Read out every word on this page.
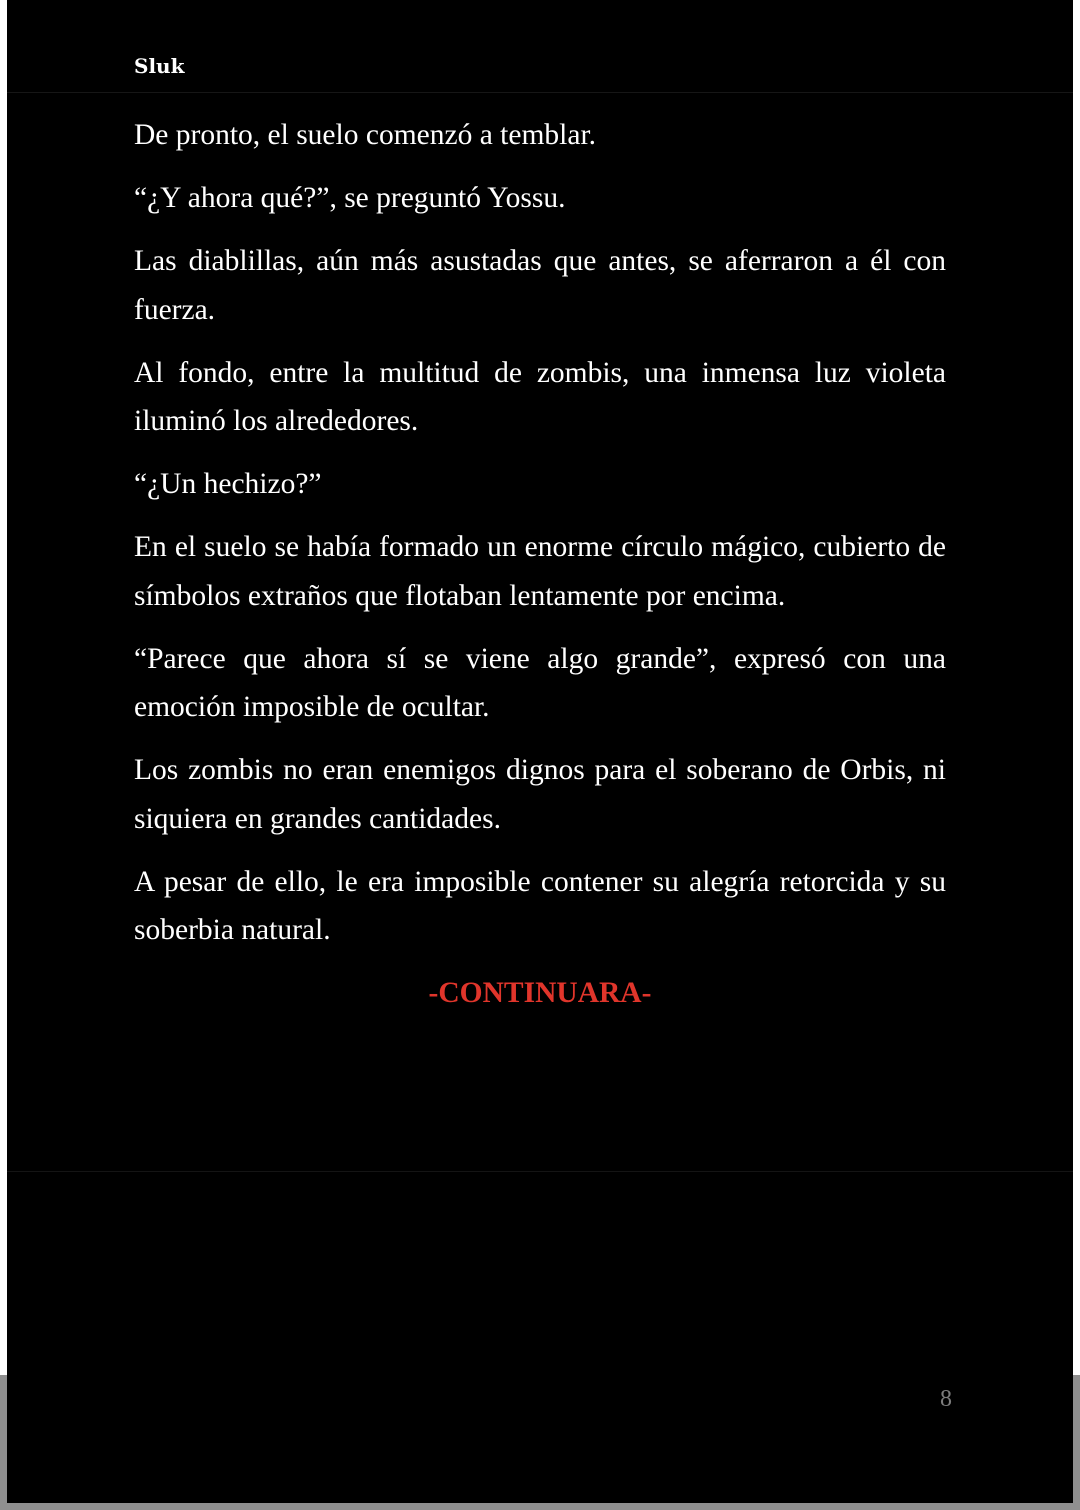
Sluk

De pronto, el suelo comenzó a temblar.

“¿Y ahora qué?”, se preguntó Yossu.

Las diablillas, aún más asustadas que antes, se aferraron a él con fuerza.

Al fondo, entre la multitud de zombis, una inmensa luz violeta iluminó los alrededores.

“¿Un hechizo?”

En el suelo se había formado un enorme círculo mágico, cubierto de símbolos extraños que flotaban lentamente por encima.

“Parece que ahora sí se viene algo grande”, expresó con una emoción imposible de ocultar.

Los zombis no eran enemigos dignos para el soberano de Orbis, ni siquiera en grandes cantidades.

A pesar de ello, le era imposible contener su alegría retorcida y su soberbia natural.

-CONTINUARA-

8
